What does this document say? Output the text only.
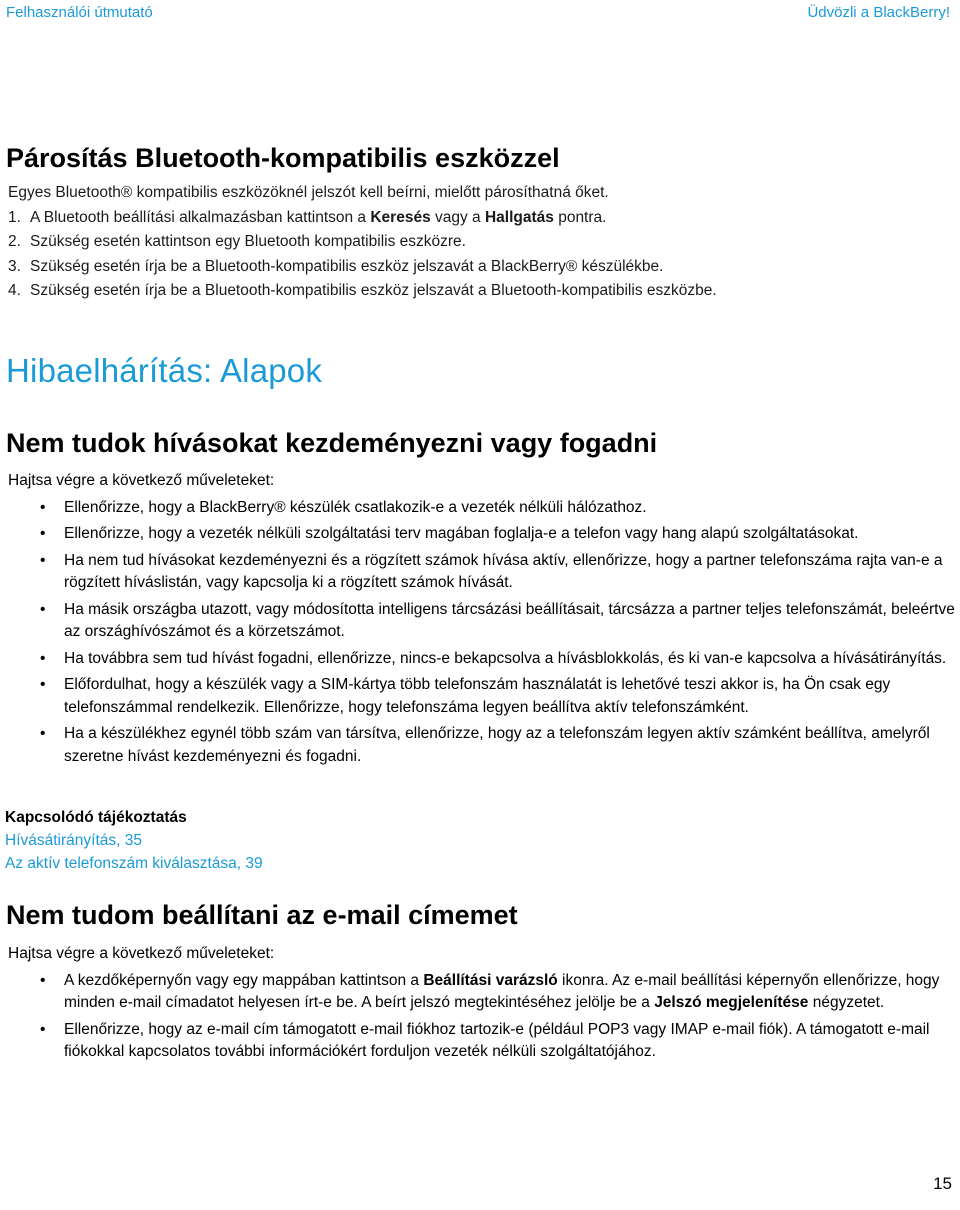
Felhasználói útmutató	Üdvözli a BlackBerry!
Párosítás Bluetooth-kompatibilis eszközzel
Egyes Bluetooth® kompatibilis eszközöknél jelszót kell beírni, mielőtt párosíthatná őket.
1. A Bluetooth beállítási alkalmazásban kattintson a Keresés vagy a Hallgatás pontra.
2. Szükség esetén kattintson egy Bluetooth kompatibilis eszközre.
3. Szükség esetén írja be a Bluetooth-kompatibilis eszköz jelszavát a BlackBerry® készülékbe.
4. Szükség esetén írja be a Bluetooth-kompatibilis eszköz jelszavát a Bluetooth-kompatibilis eszközbe.
Hibaelhárítás: Alapok
Nem tudok hívásokat kezdeményezni vagy fogadni
Hajtsa végre a következő műveleteket:
• Ellenőrizze, hogy a BlackBerry® készülék csatlakozik-e a vezeték nélküli hálózathoz.
• Ellenőrizze, hogy a vezeték nélküli szolgáltatási terv magában foglalja-e a telefon vagy hang alapú szolgáltatásokat.
• Ha nem tud hívásokat kezdeményezni és a rögzített számok hívása aktív, ellenőrizze, hogy a partner telefonszáma rajta van-e a rögzített híváslistán, vagy kapcsolja ki a rögzített számok hívását.
• Ha másik országba utazott, vagy módosította intelligens tárcsázási beállításait, tárcsázza a partner teljes telefonszámát, beleértve az országhívószámot és a körzetszámot.
• Ha továbbra sem tud hívást fogadni, ellenőrizze, nincs-e bekapcsolva a hívásblokkolás, és ki van-e kapcsolva a hívásátirányítás.
• Előfordulhat, hogy a készülék vagy a SIM-kártya több telefonszám használatát is lehetővé teszi akkor is, ha Ön csak egy telefonszámmal rendelkezik. Ellenőrizze, hogy telefonszáma legyen beállítva aktív telefonszámként.
• Ha a készülékhez egynél több szám van társítva, ellenőrizze, hogy az a telefonszám legyen aktív számként beállítva, amelyről szeretne hívást kezdeményezni és fogadni.
Kapcsolódó tájékoztatás
Hívásátirányítás, 35
Az aktív telefonszám kiválasztása, 39
Nem tudom beállítani az e-mail címemet
Hajtsa végre a következő műveleteket:
• A kezdőképernyőn vagy egy mappában kattintson a Beállítási varázsló ikonra. Az e-mail beállítási képernyőn ellenőrizze, hogy minden e-mail címadatot helyesen írt-e be. A beírt jelszó megtekintéséhez jelölje be a Jelszó megjelenítése négyzetet.
• Ellenőrizze, hogy az e-mail cím támogatott e-mail fiókhoz tartozik-e (például POP3 vagy IMAP e-mail fiók). A támogatott e-mail fiókokkal kapcsolatos további információkért forduljon vezeték nélküli szolgáltatójához.
15
